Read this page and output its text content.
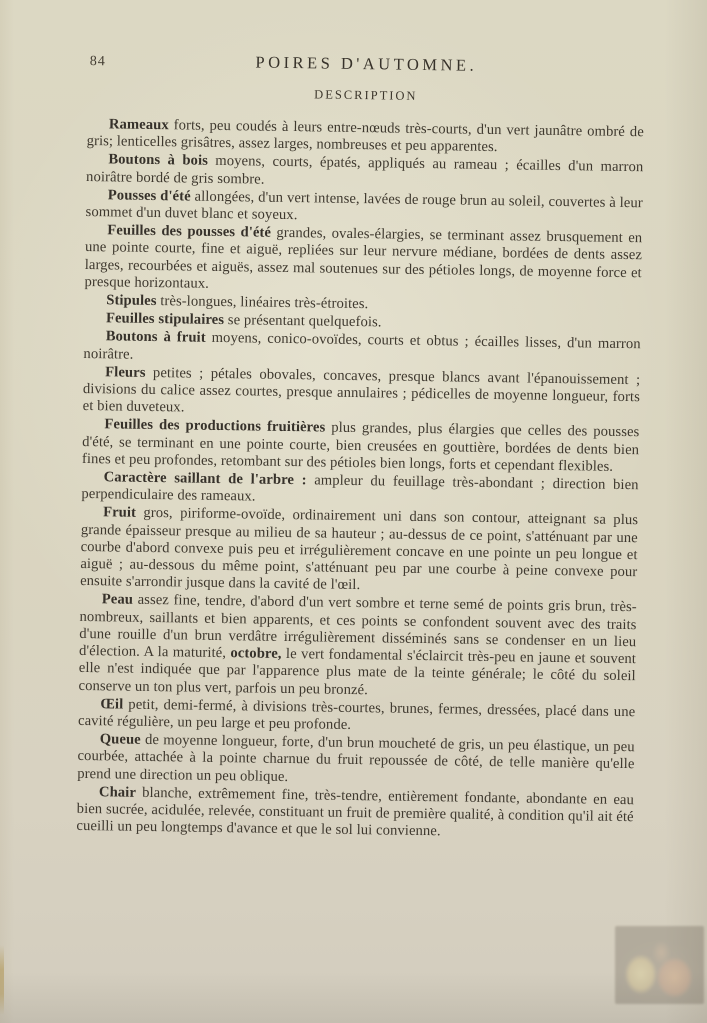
84	POIRES D'AUTOMNE.
DESCRIPTION

Rameaux forts, peu coudés à leurs entre-nœuds très-courts, d'un vert jaunâtre ombré de gris; lenticelles grisâtres, assez larges, nombreuses et peu apparentes.

Boutons à bois moyens, courts, épatés, appliqués au rameau ; écailles d'un marron noirâtre bordé de gris sombre.

Pousses d'été allongées, d'un vert intense, lavées de rouge brun au soleil, couvertes à leur sommet d'un duvet blanc et soyeux.

Feuilles des pousses d'été grandes, ovales-élargies, se terminant assez brusquement en une pointe courte, fine et aiguë, repliées sur leur nervure médiane, bordées de dents assez larges, recourbées et aiguës, assez mal soutenues sur des pétioles longs, de moyenne force et presque horizontaux.

Stipules très-longues, linéaires très-étroites.

Feuilles stipulaires se présentant quelquefois.

Boutons à fruit moyens, conico-ovoïdes, courts et obtus ; écailles lisses, d'un marron noirâtre.

Fleurs petites ; pétales obovales, concaves, presque blancs avant l'épanouissement ; divisions du calice assez courtes, presque annulaires ; pédicelles de moyenne longueur, forts et bien duveteux.

Feuilles des productions fruitières plus grandes, plus élargies que celles des pousses d'été, se terminant en une pointe courte, bien creusées en gouttière, bordées de dents bien fines et peu profondes, retombant sur des pétioles bien longs, forts et cependant flexibles.

Caractère saillant de l'arbre : ampleur du feuillage très-abondant ; direction bien perpendiculaire des rameaux.

Fruit gros, piriforme-ovoïde, ordinairement uni dans son contour, atteignant sa plus grande épaisseur presque au milieu de sa hauteur ; au-dessus de ce point, s'atténuant par une courbe d'abord convexe puis peu et irrégulièrement concave en une pointe un peu longue et aiguë ; au-dessous du même point, s'atténuant peu par une courbe à peine convexe pour ensuite s'arrondir jusque dans la cavité de l'œil.

Peau assez fine, tendre, d'abord d'un vert sombre et terne semé de points gris brun, très-nombreux, saillants et bien apparents, et ces points se confondent souvent avec des traits d'une rouille d'un brun verdâtre irrégulièrement disséminés sans se condenser en un lieu d'élection. A la maturité, octobre, le vert fondamental s'éclaircit très-peu en jaune et souvent elle n'est indiquée que par l'apparence plus mate de la teinte générale; le côté du soleil conserve un ton plus vert, parfois un peu bronzé.

Œil petit, demi-fermé, à divisions très-courtes, brunes, fermes, dressées, placé dans une cavité régulière, un peu large et peu profonde.

Queue de moyenne longueur, forte, d'un brun moucheté de gris, un peu élastique, un peu courbée, attachée à la pointe charnue du fruit repoussée de côté, de telle manière qu'elle prend une direction un peu oblique.

Chair blanche, extrêmement fine, très-tendre, entièrement fondante, abondante en eau bien sucrée, acidulée, relevée, constituant un fruit de première qualité, à condition qu'il ait été cueilli un peu longtemps d'avance et que le sol lui convienne.
